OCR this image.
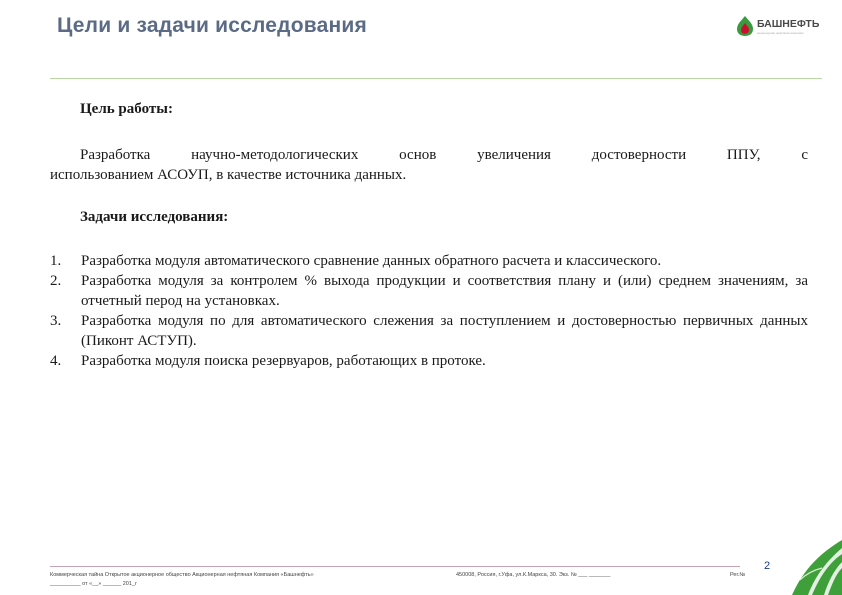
Цели и задачи исследования	БАШНЕФТЬ
акционерная нефтяная компания
Цель работы:
Разработка научно-методологических основ увеличения достоверности ППУ, с
использованием АСОУП, в качестве источника данных.
Задачи исследования:
1. Разработка модуля автоматического сравнение данных обратного расчета и классического.
2. Разработка модуля за контролем % выхода продукции и соответствия плану и (или) среднем значениям, за отчетный перод на установках.
3. Разработка модуля по для автоматического слежения за поступлением и достоверностью первичных данных (Пиконт АСТУП).
4. Разработка модуля поиска резервуаров, работающих в протоке.
2
Коммерческая тайна Открытое акционерное общество Акционерная нефтяная Компания «Башнефть»
__________ от «__» ______ 201_г
450008, Россия, г.Уфа, ул.К.Маркса, 30. Экз. № ___ _______	Рег.№
